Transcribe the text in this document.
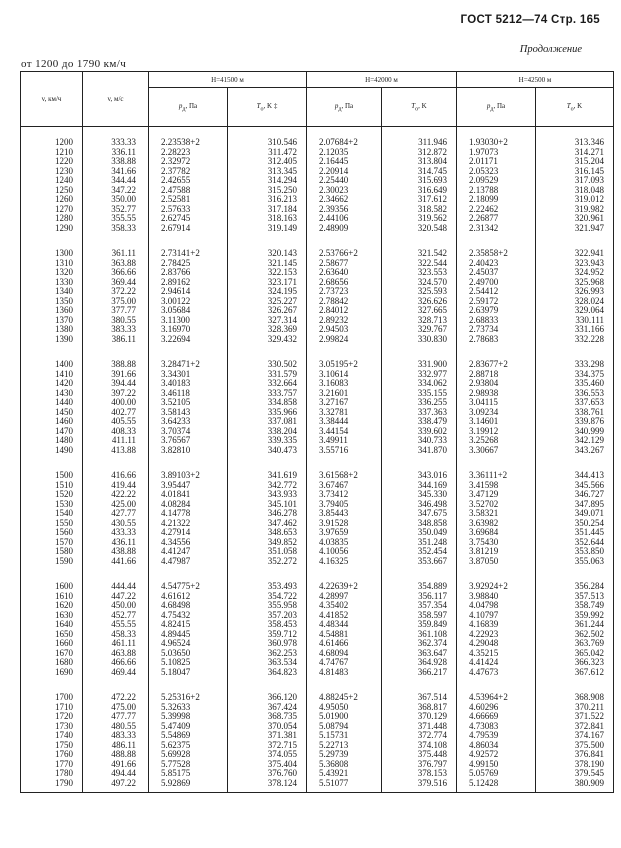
ГОСТ 5212—74 Стр. 165
Продолжение
от 1200 до 1790 км/ч
v, км/ч	v, м/с	H=41500 м		H=42000 м		H=42500 м	
		$p_д$, Па	$T_о$, K ‡	$p_д$, Па	$T_о$, K	$p_д$, Па	$T_о$, K

1200	333.33	2.23538+2	310.546	2.07684+2	311.946	1.93030+2	313.346
1210	336.11	2.28223	311.472	2.12035	312.872	1.97073	314.271
1220	338.88	2.32972	312.405	2.16445	313.804	2.01171	315.204
1230	341.66	2.37782	313.345	2.20914	314.745	2.05323	316.145
1240	344.44	2.42655	314.294	2.25440	315.693	2.09529	317.093
1250	347.22	2.47588	315.250	2.30023	316.649	2.13788	318.048
1260	350.00	2.52581	316.213	2.34662	317.612	2.18099	319.012
1270	352.77	2.57633	317.184	2.39356	318.582	2.22462	319.982
1280	355.55	2.62745	318.163	2.44106	319.562	2.26877	320.961
1290	358.33	2.67914	319.149	2.48909	320.548	2.31342	321.947

1300	361.11	2.73141+2	320.143	2.53766+2	321.542	2.35858+2	322.941
1310	363.88	2.78425	321.145	2.58677	322.544	2.40423	323.943
1320	366.66	2.83766	322.153	2.63640	323.553	2.45037	324.952
1330	369.44	2.89162	323.171	2.68656	324.570	2.49700	325.968
1340	372.22	2.94614	324.195	2.73723	325.593	2.54412	326.993
1350	375.00	3.00122	325.227	2.78842	326.626	2.59172	328.024
1360	377.77	3.05684	326.267	2.84012	327.665	2.63979	329.064
1370	380.55	3.11300	327.314	2.89232	328.713	2.68833	330.111
1380	383.33	3.16970	328.369	2.94503	329.767	2.73734	331.166
1390	386.11	3.22694	329.432	2.99824	330.830	2.78683	332.228

1400	388.88	3.28471+2	330.502	3.05195+2	331.900	2.83677+2	333.298
1410	391.66	3.34301	331.579	3.10614	332.977	2.88718	334.375
1420	394.44	3.40183	332.664	3.16083	334.062	2.93804	335.460
1430	397.22	3.46118	333.757	3.21601	335.155	2.98938	336.553
1440	400.00	3.52105	334.858	3.27167	336.255	3.04115	337.653
1450	402.77	3.58143	335.966	3.32781	337.363	3.09234	338.761
1460	405.55	3.64233	337.081	3.38444	338.479	3.14601	339.876
1470	408.33	3.70374	338.204	3.44154	339.602	3.19912	340.999
1480	411.11	3.76567	339.335	3.49911	340.733	3.25268	342.129
1490	413.88	3.82810	340.473	3.55716	341.870	3.30667	343.267

1500	416.66	3.89103+2	341.619	3.61568+2	343.016	3.36111+2	344.413
1510	419.44	3.95447	342.772	3.67467	344.169	3.41598	345.566
1520	422.22	4.01841	343.933	3.73412	345.330	3.47129	346.727
1530	425.00	4.08284	345.101	3.79405	346.498	3.52702	347.895
1540	427.77	4.14778	346.278	3.85443	347.675	3.58321	349.071
1550	430.55	4.21322	347.462	3.91528	348.858	3.63982	350.254
1560	433.33	4.27914	348.653	3.97659	350.049	3.69684	351.445
1570	436.11	4.34556	349.852	4.03835	351.248	3.75430	352.644
1580	438.88	4.41247	351.058	4.10056	352.454	3.81219	353.850
1590	441.66	4.47987	352.272	4.16325	353.667	3.87050	355.063

1600	444.44	4.54775+2	353.493	4.22639+2	354.889	3.92924+2	356.284
1610	447.22	4.61612	354.722	4.28997	356.117	3.98840	357.513
1620	450.00	4.68498	355.958	4.35402	357.354	4.04798	358.749
1630	452.77	4.75432	357.203	4.41852	358.597	4.10797	359.992
1640	455.55	4.82415	358.453	4.48344	359.849	4.16839	361.244
1650	458.33	4.89445	359.712	4.54881	361.108	4.22923	362.502
1660	461.11	4.96524	360.978	4.61466	362.374	4.29048	363.769
1670	463.88	5.03650	362.253	4.68094	363.647	4.35215	365.042
1680	466.66	5.10825	363.534	4.74767	364.928	4.41424	366.323
1690	469.44	5.18047	364.823	4.81483	366.217	4.47673	367.612

1700	472.22	5.25316+2	366.120	4.88245+2	367.514	4.53964+2	368.908
1710	475.00	5.32633	367.424	4.95050	368.817	4.60296	370.211
1720	477.77	5.39998	368.735	5.01900	370.129	4.66669	371.522
1730	480.55	5.47409	370.054	5.08794	371.448	4.73083	372.841
1740	483.33	5.54869	371.381	5.15731	372.774	4.79539	374.167
1750	486.11	5.62375	372.715	5.22713	374.108	4.86034	375.500
1760	488.88	5.69928	374.055	5.29739	375.448	4.92572	376.841
1770	491.66	5.77528	375.404	5.36808	376.797	4.99150	378.190
1780	494.44	5.85175	376.760	5.43921	378.153	5.05769	379.545
1790	497.22	5.92869	378.124	5.51077	379.516	5.12428	380.909
